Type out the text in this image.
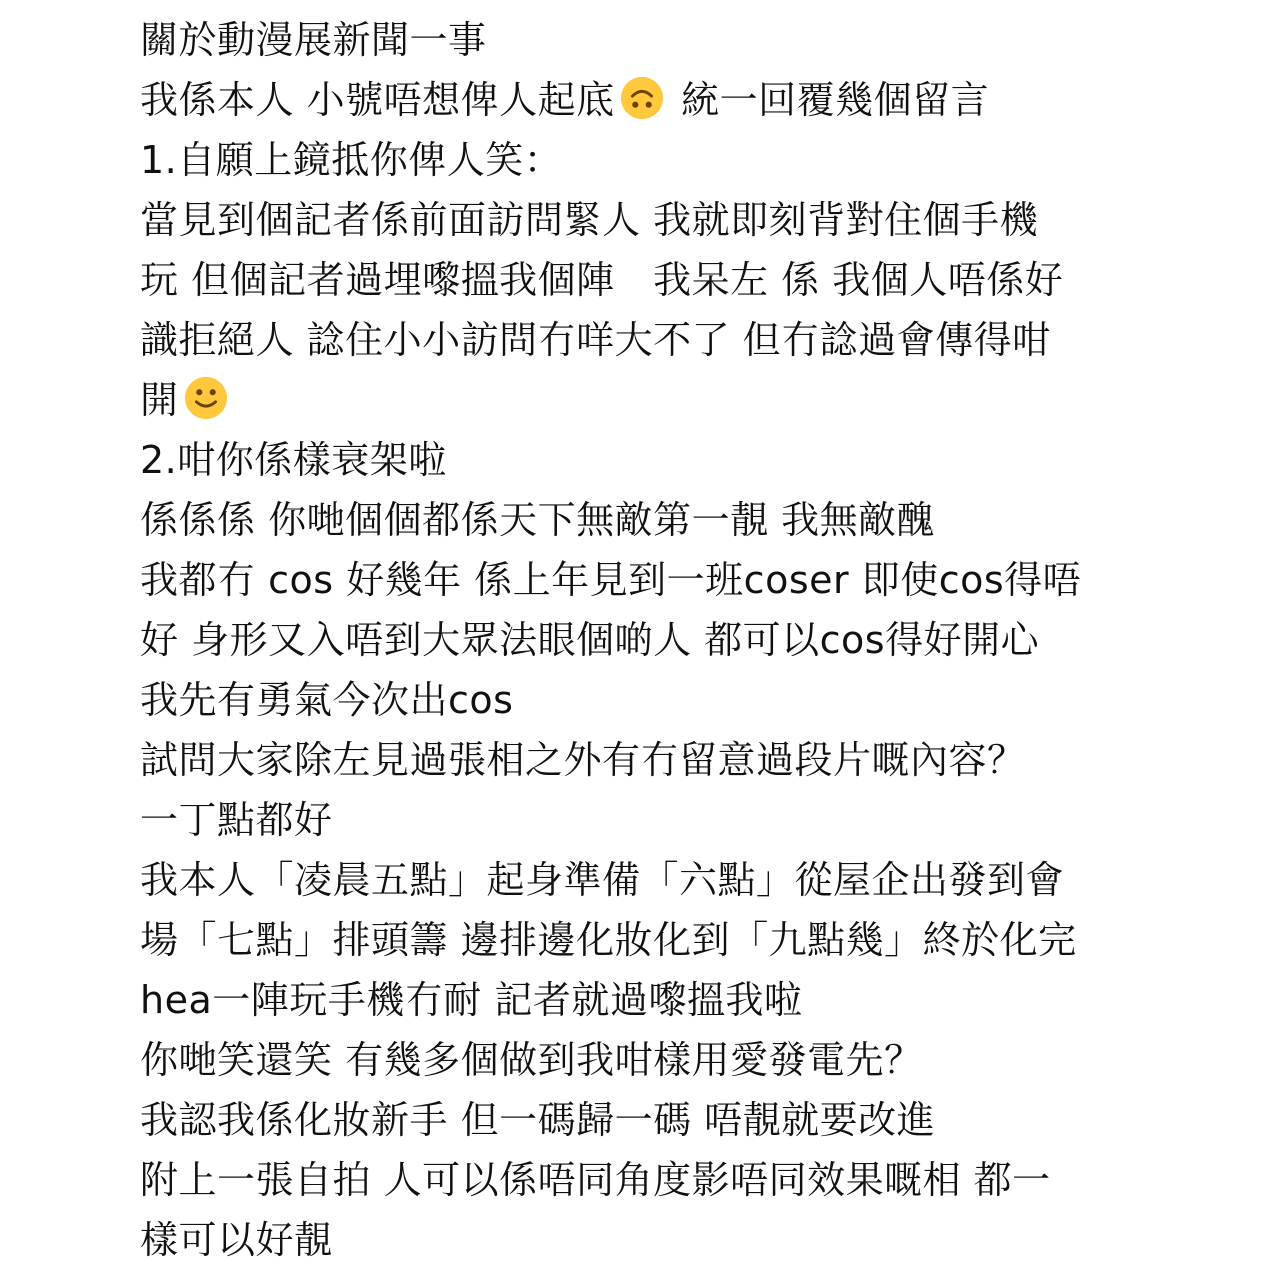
關於動漫展新聞一事
我係本人 小號唔想俾人起底 統一回覆幾個留言
1.自願上鏡抵你俾人笑：
當見到個記者係前面訪問緊人 我就即刻背對住個手機
玩 但個記者過埋嚟搵我個陣　我呆左 係 我個人唔係好
識拒絕人 諗住小小訪問冇咩大不了 但冇諗過會傳得咁
開
2.咁你係樣衰架啦
係係係 你哋個個都係天下無敵第一靚 我無敵醜
我都冇 cos 好幾年 係上年見到一班coser 即使cos得唔
好 身形又入唔到大眾法眼個啲人 都可以cos得好開心
我先有勇氣今次出cos
試問大家除左見過張相之外有冇留意過段片嘅內容？
一丁點都好
我本人「凌晨五點」起身準備「六點」從屋企出發到會
場「七點」排頭籌 邊排邊化妝化到「九點幾」終於化完
hea一陣玩手機冇耐 記者就過嚟搵我啦
你哋笑還笑 有幾多個做到我咁樣用愛發電先？
我認我係化妝新手 但一碼歸一碼 唔靚就要改進
附上一張自拍 人可以係唔同角度影唔同效果嘅相 都一
樣可以好靚
